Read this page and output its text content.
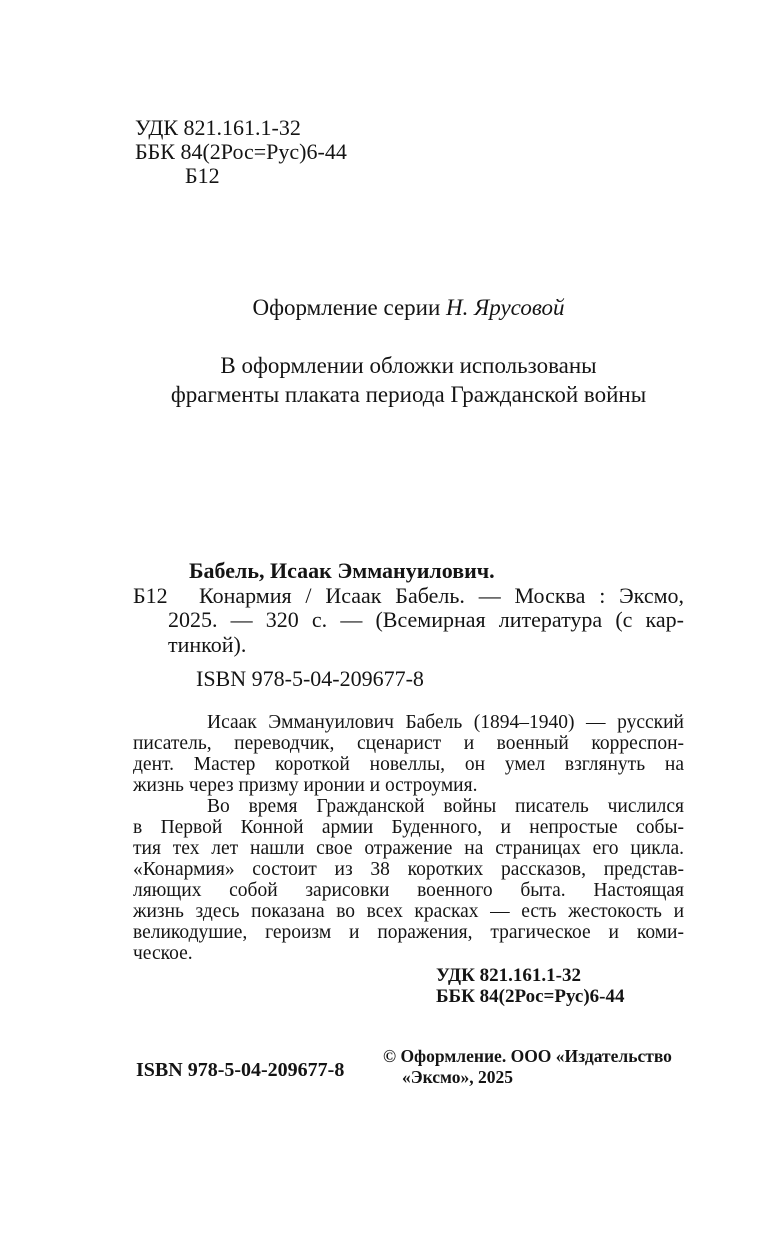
УДК 821.161.1-32
ББК 84(2Рос=Рус)6-44
Б12
Оформление серии Н. Ярусовой
В оформлении обложки использованы
фрагменты плаката периода Гражданской войны
Бабель, Исаак Эммануилович.
Б12	Конармия / Исаак Бабель. — Москва : Эксмо,
2025. — 320 с. — (Всемирная литература (с кар-
тинкой).
ISBN 978-5-04-209677-8
Исаак Эммануилович Бабель (1894–1940) — русский
писатель, переводчик, сценарист и военный корреспон-
дент. Мастер короткой новеллы, он умел взглянуть на
жизнь через призму иронии и остроумия.
Во время Гражданской войны писатель числился
в Первой Конной армии Буденного, и непростые собы-
тия тех лет нашли свое отражение на страницах его цикла.
«Конармия» состоит из 38 коротких рассказов, представ-
ляющих собой зарисовки военного быта. Настоящая
жизнь здесь показана во всех красках — есть жестокость и
великодушие, героизм и поражения, трагическое и коми-
ческое.
УДК 821.161.1-32
ББК 84(2Рос=Рус)6-44
ISBN 978-5-04-209677-8
© Оформление. ООО «Издательство
«Эксмо», 2025
